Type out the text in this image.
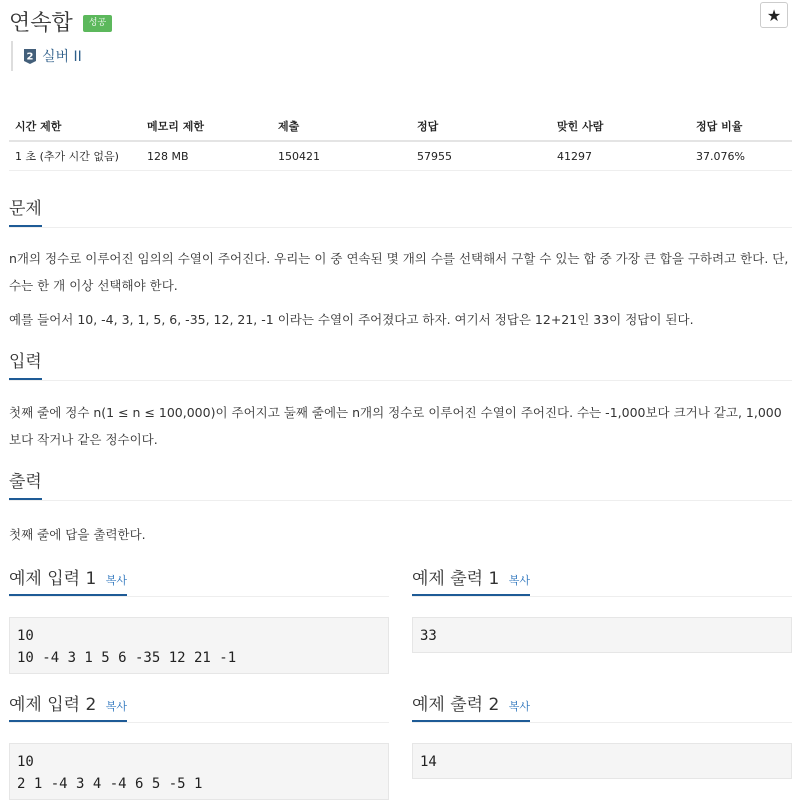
연속합	성공	★
2 실버 II
시간 제한	메모리 제한	제출	정답	맞힌 사람	정답 비율
1 초 (추가 시간 없음)	128 MB	150421	57955	41297	37.076%
문제

n개의 정수로 이루어진 임의의 수열이 주어진다. 우리는 이 중 연속된 몇 개의 수를 선택해서 구할 수 있는 합 중 가장 큰 합을 구하려고 한다. 단, 수는 한 개 이상 선택해야 한다.

예를 들어서 10, -4, 3, 1, 5, 6, -35, 12, 21, -1 이라는 수열이 주어졌다고 하자. 여기서 정답은 12+21인 33이 정답이 된다.

입력

첫째 줄에 정수 n(1 ≤ n ≤ 100,000)이 주어지고 둘째 줄에는 n개의 정수로 이루어진 수열이 주어진다. 수는 -1,000보다 크거나 같고, 1,000보다 작거나 같은 정수이다.

출력

첫째 줄에 답을 출력한다.

예제 입력 1 복사
10
10 -4 3 1 5 6 -35 12 21 -1
예제 출력 1 복사
33
예제 입력 2 복사
10
2 1 -4 3 4 -4 6 5 -5 1
예제 출력 2 복사
14
